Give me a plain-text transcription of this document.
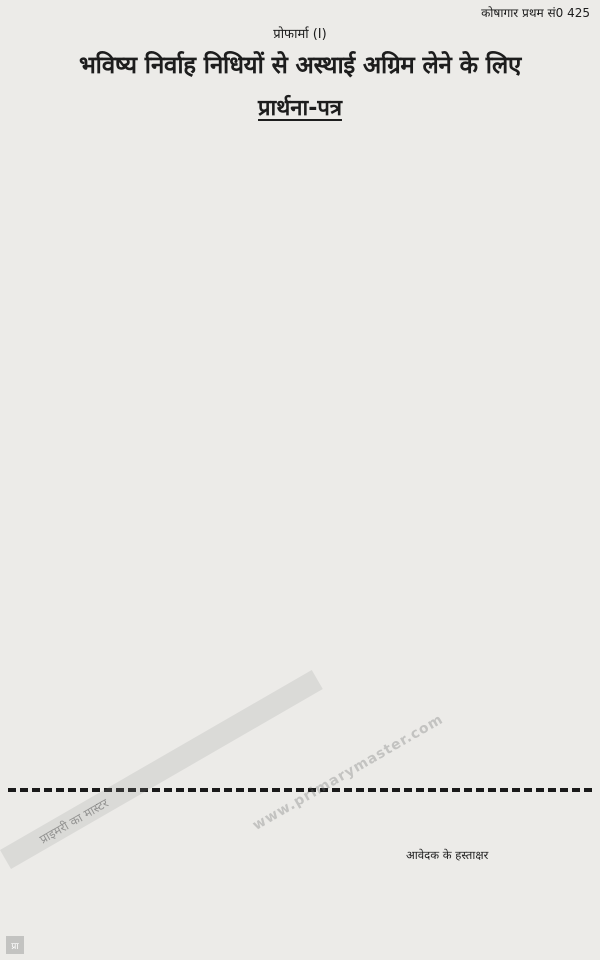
कोषागार प्रथम सं0 425
प्रोफार्मा (I)
भविष्य निर्वाह निधियों से अस्थाई अग्रिम लेने के लिए
प्रार्थना-पत्र
आवेदक के हस्ताक्षर
www.primarymaster.com
प्राइमरी का मास्टर
प्रा
